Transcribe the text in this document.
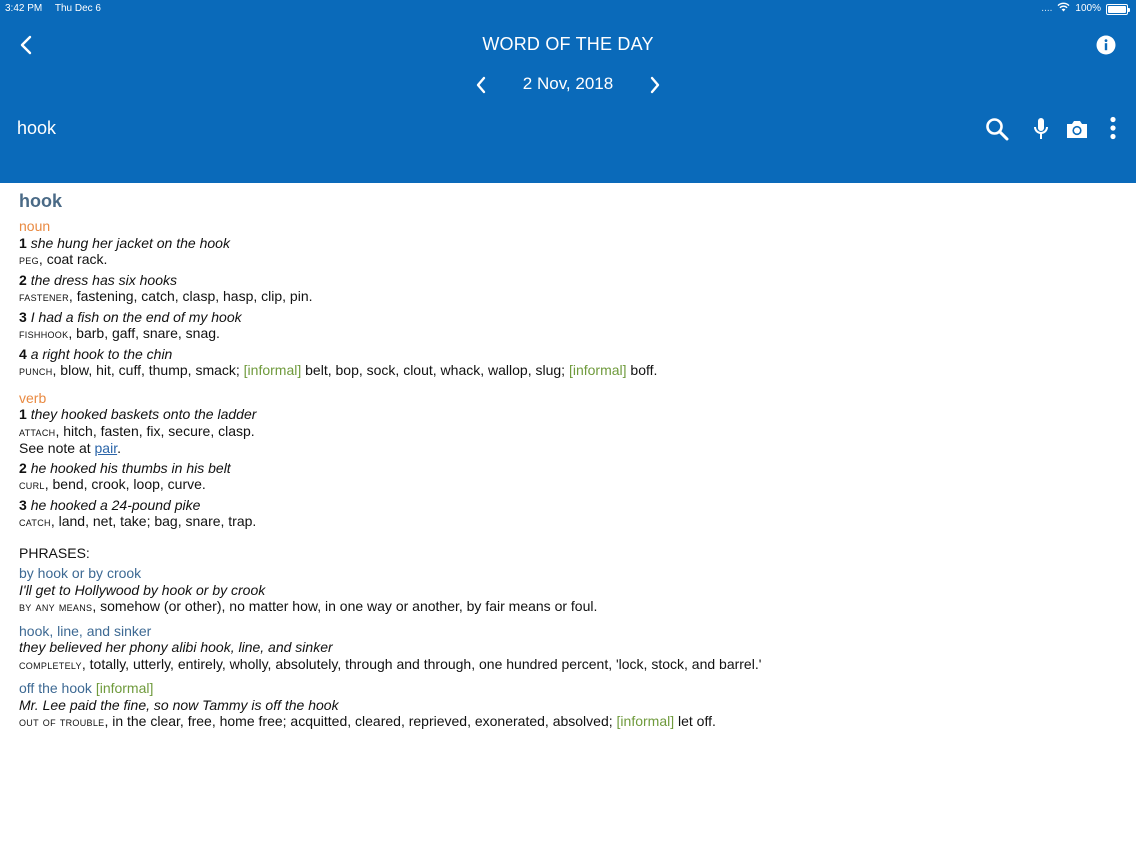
3:42 PM Thu Dec 6	.... 100%
WORD OF THE DAY
2 Nov, 2018
hook
hook
noun
1 she hung her jacket on the hook
peg, coat rack.
2 the dress has six hooks
fastener, fastening, catch, clasp, hasp, clip, pin.
3 I had a fish on the end of my hook
fishhook, barb, gaff, snare, snag.
4 a right hook to the chin
punch, blow, hit, cuff, thump, smack; [informal] belt, bop, sock, clout, whack, wallop, slug; [informal] boff.
verb
1 they hooked baskets onto the ladder
attach, hitch, fasten, fix, secure, clasp.
See note at pair.
2 he hooked his thumbs in his belt
curl, bend, crook, loop, curve.
3 he hooked a 24-pound pike
catch, land, net, take; bag, snare, trap.
PHRASES:
by hook or by crook
I'll get to Hollywood by hook or by crook
by any means, somehow (or other), no matter how, in one way or another, by fair means or foul.
hook, line, and sinker
they believed her phony alibi hook, line, and sinker
completely, totally, utterly, entirely, wholly, absolutely, through and through, one hundred percent, 'lock, stock, and barrel.'
off the hook [informal]
Mr. Lee paid the fine, so now Tammy is off the hook
out of trouble, in the clear, free, home free; acquitted, cleared, reprieved, exonerated, absolved; [informal] let off.
